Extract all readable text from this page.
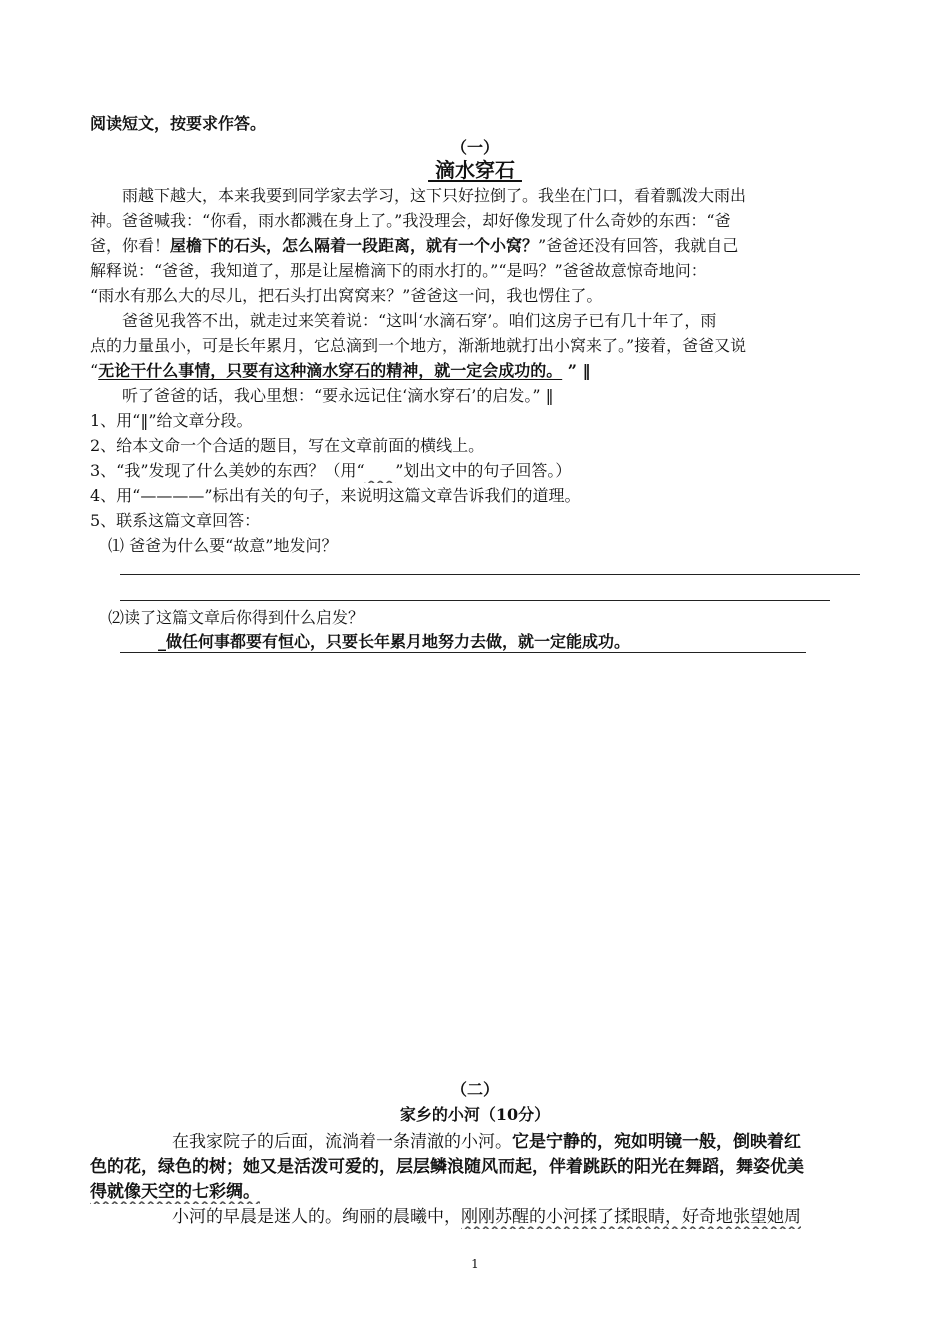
阅读短文，按要求作答。
（一）
滴水穿石
雨越下越大，本来我要到同学家去学习，这下只好拉倒了。我坐在门口，看着瓢泼大雨出
神。爸爸喊我：“你看，雨水都溅在身上了。”我没理会，却好像发现了什么奇妙的东西：“爸
爸，你看！屋檐下的石头，怎么隔着一段距离，就有一个小窝？”爸爸还没有回答，我就自己
解释说：“爸爸，我知道了，那是让屋檐滴下的雨水打的。”“是吗？”爸爸故意惊奇地问：
“雨水有那么大的尽儿，把石头打出窝窝来？”爸爸这一问，我也愣住了。
爸爸见我答不出，就走过来笑着说：“这叫‘水滴石穿’。咱们这房子已有几十年了，雨
点的力量虽小，可是长年累月，它总滴到一个地方，渐渐地就打出小窝来了。”接着，爸爸又说
“无论干什么事情，只要有这种滴水穿石的精神，就一定会成功的。 ” ‖
听了爸爸的话，我心里想：“要永远记住‘滴水穿石’的启发。” ‖
1、用“‖”给文章分段。
2、给本文命一个合适的题目，写在文章前面的横线上。
3、“我”发现了什么美妙的东西？（用“ ”划出文中的句子回答。）
4、用“————”标出有关的句子，来说明这篇文章告诉我们的道理。
5、联系这篇文章回答：
⑴ 爸爸为什么要“故意”地发问？
⑵读了这篇文章后你得到什么启发？
_做任何事都要有恒心，只要长年累月地努力去做，就一定能成功。
（二）
家乡的小河（10分）
在我家院子的后面，流淌着一条清澈的小河。它是宁静的，宛如明镜一般，倒映着红
色的花，绿色的树；她又是活泼可爱的，层层鳞浪随风而起，伴着跳跃的阳光在舞蹈，舞姿优美
得就像天空的七彩绸。
小河的早晨是迷人的。绚丽的晨曦中，刚刚苏醒的小河揉了揉眼睛，好奇地张望她周
1
